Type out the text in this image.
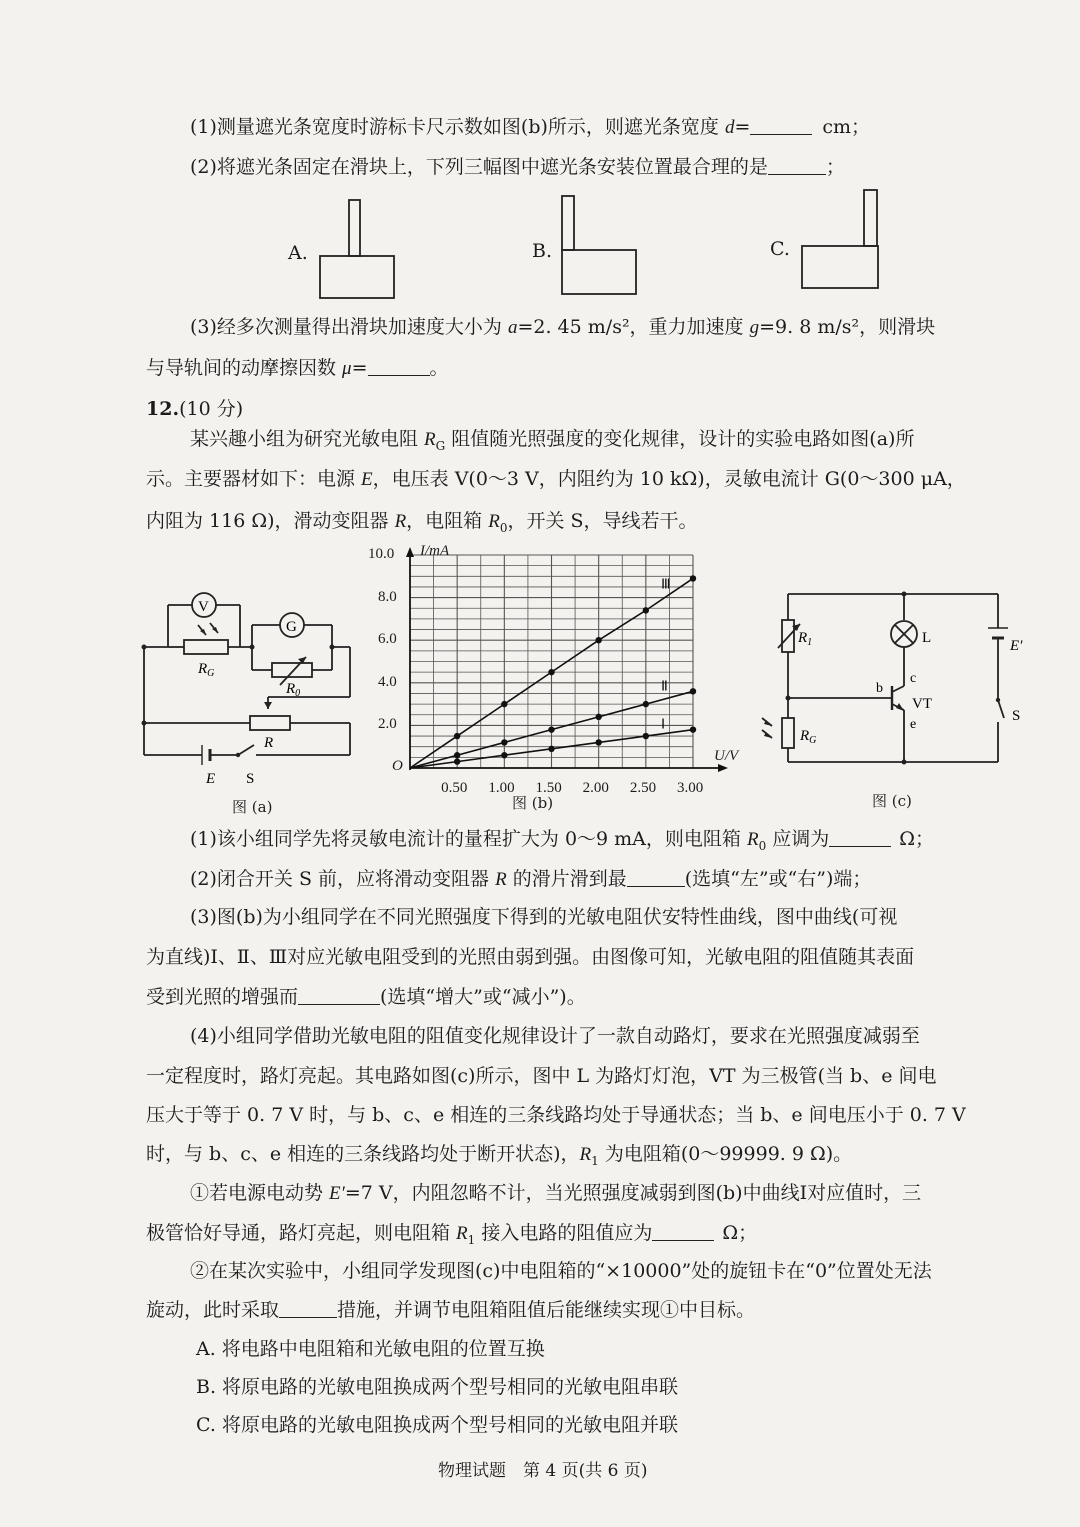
(1)测量遮光条宽度时游标卡尺示数如图(b)所示，则遮光条宽度 d=	cm；
(2)将遮光条固定在滑块上，下列三幅图中遮光条安装位置最合理的是	；
A.	B.	C.
(3)经多次测量得出滑块加速度大小为 a=2. 45 m/s²，重力加速度 g=9. 8 m/s²，则滑块
与导轨间的动摩擦因数 μ=	。
12.(10 分)
某兴趣小组为研究光敏电阻 $R_G$ 阻值随光照强度的变化规律，设计的实验电路如图(a)所
示。主要器材如下：电源 E，电压表 V(0～3 V，内阻约为 10 kΩ)，灵敏电流计 G(0～300 μA，
内阻为 116 Ω)，滑动变阻器 R，电阻箱 $R_0$，开关 S，导线若干。
V
G
$R_G$
$R_0$
R
E S
图 (a)
Ⅰ
Ⅱ
Ⅲ
I/mA
U/V
O
0.50 1.00 1.50 2.00 2.50 3.00
2.0
4.0
6.0
8.0
10.0
图 (b)
$R_1$
$R_G$
L	E′
S
b
c
e
VT
图 (c)
(1)该小组同学先将灵敏电流计的量程扩大为 0～9 mA，则电阻箱 $R_0$ 应调为	Ω；
(2)闭合开关 S 前，应将滑动变阻器 R 的滑片滑到最	(选填“左”或“右”)端；
(3)图(b)为小组同学在不同光照强度下得到的光敏电阻伏安特性曲线，图中曲线(可视
为直线)Ⅰ、Ⅱ、Ⅲ对应光敏电阻受到的光照由弱到强。由图像可知，光敏电阻的阻值随其表面
受到光照的增强而	(选填“增大”或“减小”)。
(4)小组同学借助光敏电阻的阻值变化规律设计了一款自动路灯，要求在光照强度减弱至
一定程度时，路灯亮起。其电路如图(c)所示，图中 L 为路灯灯泡，VT 为三极管(当 b、e 间电
压大于等于 0. 7 V 时，与 b、c、e 相连的三条线路均处于导通状态；当 b、e 间电压小于 0. 7 V
时，与 b、c、e 相连的三条线路均处于断开状态)，$R_1$ 为电阻箱(0～99999. 9 Ω)。
①若电源电动势 E′=7 V，内阻忽略不计，当光照强度减弱到图(b)中曲线Ⅰ对应值时，三
极管恰好导通，路灯亮起，则电阻箱 $R_1$ 接入电路的阻值应为	Ω；
②在某次实验中，小组同学发现图(c)中电阻箱的“×10000”处的旋钮卡在“0”位置处无法
旋动，此时采取	措施，并调节电阻箱阻值后能继续实现①中目标。
A. 将电路中电阻箱和光敏电阻的位置互换
B. 将原电路的光敏电阻换成两个型号相同的光敏电阻串联
C. 将原电路的光敏电阻换成两个型号相同的光敏电阻并联
物理试题　第 4 页(共 6 页)
